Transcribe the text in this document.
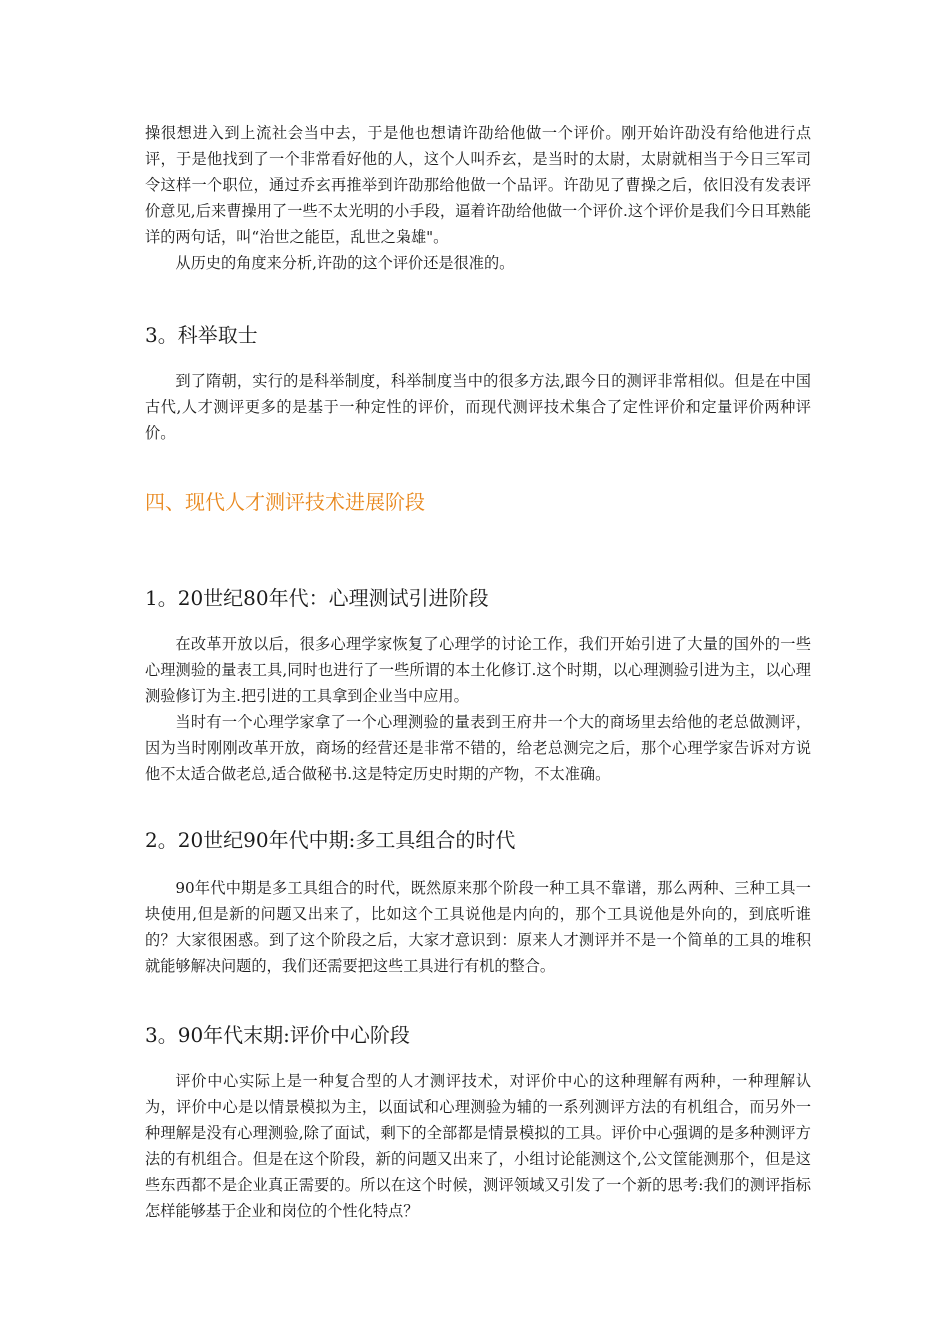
操很想进入到上流社会当中去，于是他也想请许劭给他做一个评价。刚开始许劭没有给他进行点评，于是他找到了一个非常看好他的人，这个人叫乔玄，是当时的太尉，太尉就相当于今日三军司令这样一个职位，通过乔玄再推举到许劭那给他做一个品评。许劭见了曹操之后，依旧没有发表评价意见,后来曹操用了一些不太光明的小手段，逼着许劭给他做一个评价.这个评价是我们今日耳熟能详的两句话，叫“治世之能臣，乱世之枭雄"。

从历史的角度来分析,许劭的这个评价还是很准的。

3。科举取士

到了隋朝，实行的是科举制度，科举制度当中的很多方法,跟今日的测评非常相似。但是在中国古代,人才测评更多的是基于一种定性的评价，而现代测评技术集合了定性评价和定量评价两种评价。

四、现代人才测评技术进展阶段
1。20世纪80年代：心理测试引进阶段

在改革开放以后，很多心理学家恢复了心理学的讨论工作，我们开始引进了大量的国外的一些心理测验的量表工具,同时也进行了一些所谓的本土化修订.这个时期，以心理测验引进为主，以心理测验修订为主.把引进的工具拿到企业当中应用。

当时有一个心理学家拿了一个心理测验的量表到王府井一个大的商场里去给他的老总做测评，因为当时刚刚改革开放，商场的经营还是非常不错的，给老总测完之后，那个心理学家告诉对方说他不太适合做老总,适合做秘书.这是特定历史时期的产物，不太准确。

2。20世纪90年代中期:多工具组合的时代

90年代中期是多工具组合的时代，既然原来那个阶段一种工具不靠谱，那么两种、三种工具一块使用,但是新的问题又出来了，比如这个工具说他是内向的，那个工具说他是外向的，到底听谁的？大家很困惑。到了这个阶段之后，大家才意识到：原来人才测评并不是一个简单的工具的堆积就能够解决问题的，我们还需要把这些工具进行有机的整合。

3。90年代末期:评价中心阶段

评价中心实际上是一种复合型的人才测评技术，对评价中心的这种理解有两种，一种理解认为，评价中心是以情景模拟为主，以面试和心理测验为辅的一系列测评方法的有机组合，而另外一种理解是没有心理测验,除了面试，剩下的全部都是情景模拟的工具。评价中心强调的是多种测评方法的有机组合。但是在这个阶段，新的问题又出来了，小组讨论能测这个,公文筐能测那个，但是这些东西都不是企业真正需要的。所以在这个时候，测评领域又引发了一个新的思考:我们的测评指标怎样能够基于企业和岗位的个性化特点？
